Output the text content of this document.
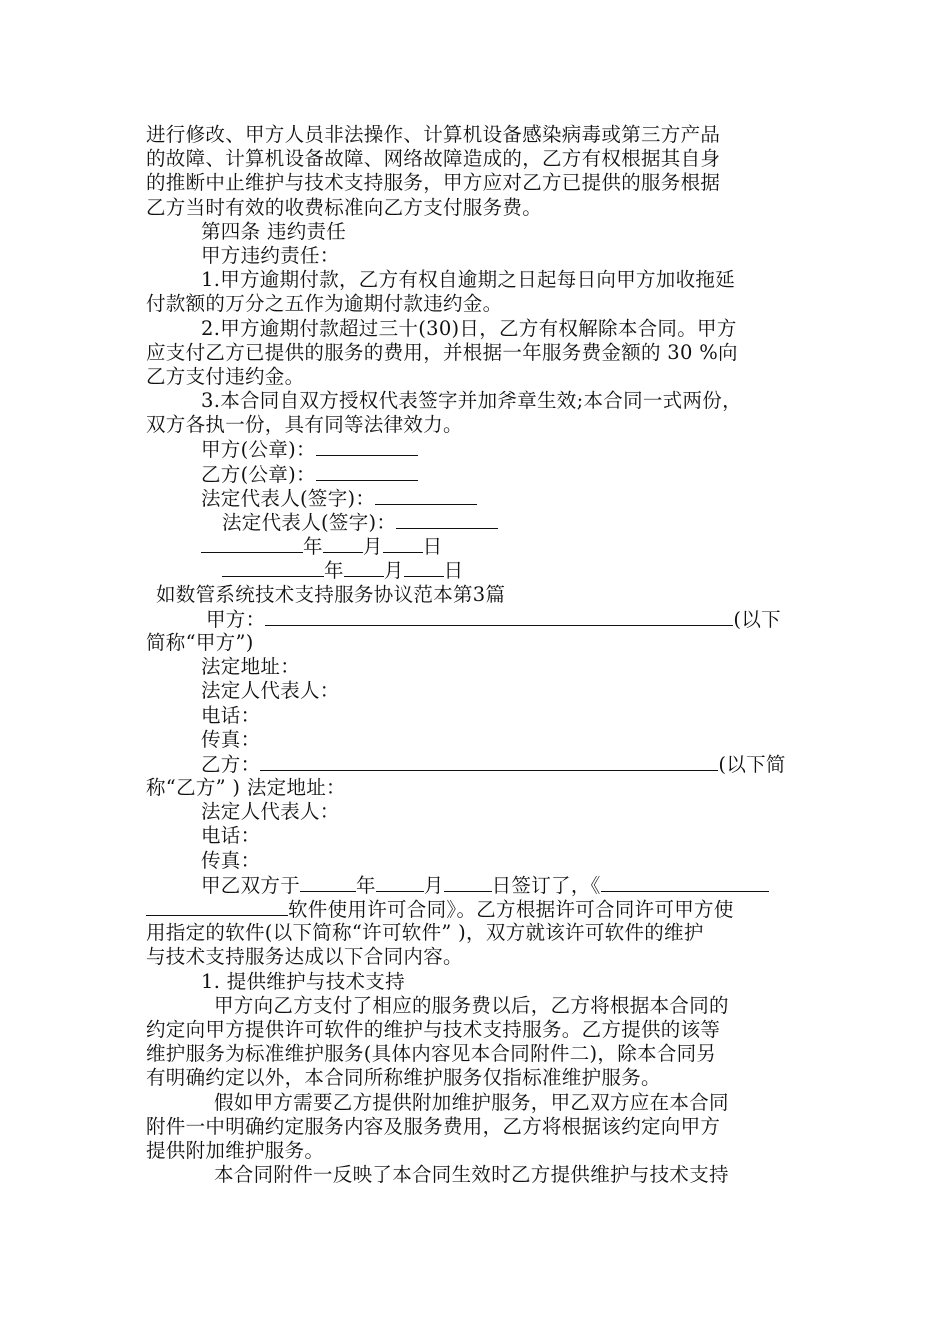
进行修改、甲方人员非法操作、计算机设备感染病毒或第三方产品
的故障、计算机设备故障、网络故障造成的，乙方有权根据其自身
的推断中止维护与技术支持服务，甲方应对乙方已提供的服务根据
乙方当时有效的收费标准向乙方支付服务费。
第四条 违约责任
甲方违约责任：
1.甲方逾期付款，乙方有权自逾期之日起每日向甲方加收拖延
付款额的万分之五作为逾期付款违约金。
2.甲方逾期付款超过三十(30)日，乙方有权解除本合同。甲方
应支付乙方已提供的服务的费用，并根据一年服务费金额的 30 %向
乙方支付违约金。
3.本合同自双方授权代表签字并加斧章生效;本合同一式两份，
双方各执一份，具有同等法律效力。
甲方(公章)：
乙方(公章)：
法定代表人(签字)：
法定代表人(签字)：
年 月 日
年 月 日
如数管系统技术支持服务协议范本第3篇
甲方：	(以下
简称“甲方”)
法定地址：
法定人代表人：
电话：
传真：
乙方：	(以下简
称“乙方” ) 法定地址：
法定人代表人：
电话：
传真：
甲乙双方于	年 月 日签订了，《
软件使用许可合同》。乙方根据许可合同许可甲方使
用指定的软件(以下简称“许可软件” )，双方就该许可软件的维护
与技术支持服务达成以下合同内容。
1. 提供维护与技术支持
甲方向乙方支付了相应的服务费以后，乙方将根据本合同的
约定向甲方提供许可软件的维护与技术支持服务。乙方提供的该等
维护服务为标准维护服务(具体内容见本合同附件二)，除本合同另
有明确约定以外，本合同所称维护服务仅指标准维护服务。
假如甲方需要乙方提供附加维护服务，甲乙双方应在本合同
附件一中明确约定服务内容及服务费用，乙方将根据该约定向甲方
提供附加维护服务。
本合同附件一反映了本合同生效时乙方提供维护与技术支持
